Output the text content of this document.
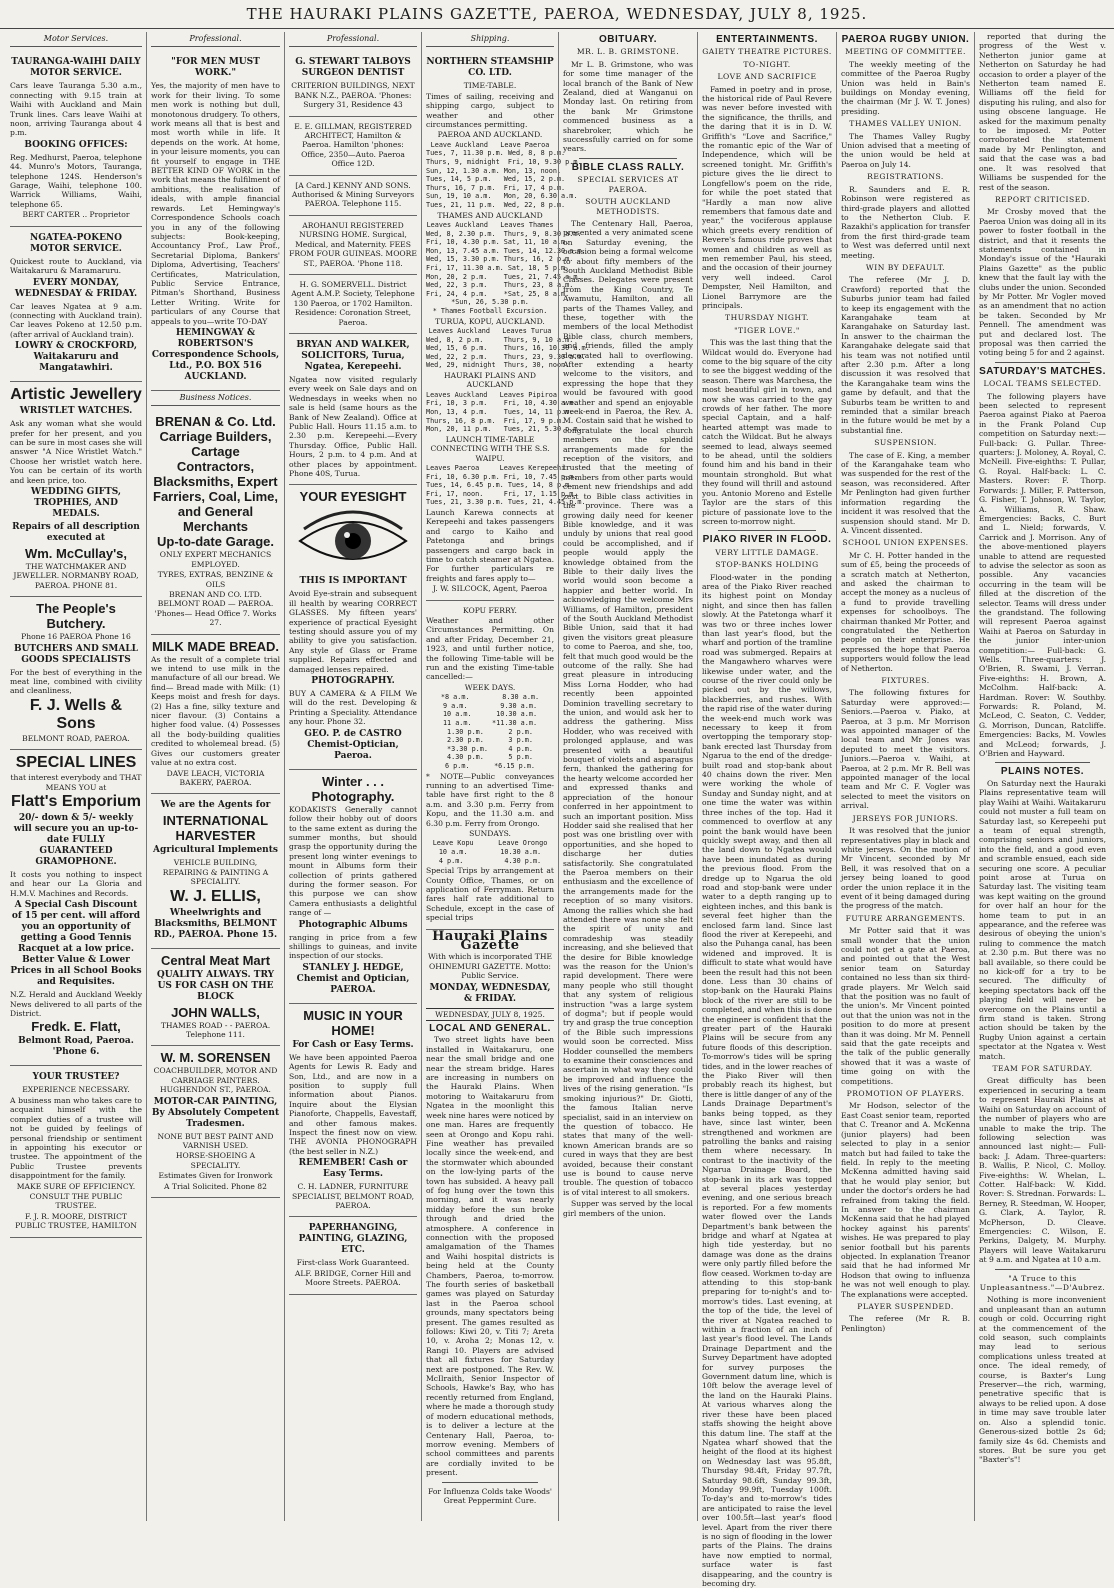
THE HAURAKI PLAINS GAZETTE, PAEROA, WEDNESDAY, JULY 8, 1925.
Motor Services.
TAURANGA-WAIHI DAILY MOTOR SERVICE.

Cars leave Tauranga 5.30 a.m., connecting with 9.15 train at Waihi with Auckland and Main Trunk lines. Cars leave Waihi at noon, arriving Tauranga about 4 p.m.

BOOKING OFFICES:

Reg. Medhurst, Paeroa, telephone 44. Munro's Motors, Tauranga, telephone 124S. Henderson's Garage, Waihi, telephone 100. Warrick Williams, Waihi, telephone 65.

BERT CARTER .. Proprietor
NGATEA-POKENO MOTOR SERVICE.

Quickest route to Auckland, via Waitakaruru & Maramaruru.

EVERY MONDAY, WEDNESDAY & FRIDAY.

Car leaves Ngatea at 9 a.m. (connecting with Auckland train). Car leaves Pokeno at 12.50 p.m. (after arrival of Auckland train).

LOWRY & CROCKFORD, Waitakaruru and Mangatawhiri.
Artistic Jewellery
WRISTLET WATCHES.

Ask any woman what she would prefer for her present, and you can be sure in most cases she will answer "A Nice Wristlet Watch." Choose her wristlet watch here. You can be certain of its worth and keen price, too.

WEDDING GIFTS, TROPHIES, AND MEDALS.
Repairs of all description executed at
Wm. McCullay's,
THE WATCHMAKER AND JEWELLER. NORMANBY ROAD, PAEROA. PHONE 81.
The People's Butchery.
Phone 16 PAEROA Phone 16
BUTCHERS AND SMALL GOODS SPECIALISTS

For the best of everything in the meat line, combined with civility and cleanliness,

F. J. Wells & Sons
BELMONT ROAD, PAEROA.
SPECIAL LINES
that interest everybody and THAT MEANS YOU at
Flatt's Emporium
20/- down & 5/- weekly will secure you an up-to-date FULLY GUARANTEED GRAMOPHONE.

It costs you nothing to inspect and hear our La Gloria and H.M.V. Machines and Records.

A Special Cash Discount of 15 per cent. will afford you an opportunity of getting a Good Tennis Racquet at a low price. Better Value & Lower Prices in all School Books and Requisites.

N.Z. Herald and Auckland Weekly News delivered to all parts of the District.

Fredk. E. Flatt,
Belmont Road, Paeroa. 'Phone 6.
YOUR TRUSTEE?
EXPERIENCE NECESSARY.

A business man who takes care to acquaint himself with the complex duties of a trustee will not be guided by feelings of personal friendship or sentiment in appointing his executor or trustee. The appointment of the Public Trustee prevents disappointment for the family.

MAKE SURE OF EFFICIENCY.
CONSULT THE PUBLIC TRUSTEE.
F. J. R. MOORE, DISTRICT PUBLIC TRUSTEE, HAMILTON
Professional.
"FOR MEN MUST WORK."

Yes, the majority of men have to work for their living. To some men work is nothing but dull, monotonous drudgery. To others, work means all that is best and most worth while in life. It depends on the work. At home, in your leisure moments, you can fit yourself to engage in THE BETTER KIND OF WORK in the work that means the fulfilment of ambitions, the realisation of ideals, with ample financial rewards. Let Hemingway's Correspondence Schools coach you in any of the following subjects: Book-keeping, Accountancy Prof., Law Prof., Secretarial Diploma, Bankers' Diploma, Advertising, Teachers' Certificates, Matriculation, Public Service Entrance, Pitman's Shorthand, Business Letter Writing. Write for particulars of any Course that appeals to you—write TO-DAY

HEMINGWAY & ROBERTSON'S Correspondence Schools, Ltd., P.O. BOX 516 AUCKLAND.
Business Notices.
BRENAN & Co. Ltd.
Carriage Builders, Cartage Contractors, Blacksmiths, Expert Farriers, Coal, Lime, and General Merchants
Up-to-date Garage.
ONLY EXPERT MECHANICS EMPLOYED.
TYRES, EXTRAS, BENZINE & OILS
BRENAN AND CO. LTD. BELMONT ROAD — PAEROA. 'Phones— Head Office 7. Works 27.
MILK MADE BREAD.

As the result of a complete trial we intend to use milk in the manufacture of all our bread. We find— Bread made with Milk: (1) Keeps moist and fresh for days. (2) Has a fine, silky texture and nicer flavour. (3) Contains a higher food value. (4) Possesses all the body-building qualities credited to wholemeal bread. (5) Gives our customers greater value at no extra cost.

DAVE LEACH, VICTORIA BAKERY, PAEROA.
We are the Agents for
INTERNATIONAL HARVESTER
Agricultural Implements
VEHICLE BUILDING, REPAIRING & PAINTING A SPECIALITY.
W. J. ELLIS,
Wheelwrights and Blacksmiths, BELMONT RD., PAEROA. Phone 15.
Central Meat Mart
QUALITY ALWAYS. TRY US FOR CASH ON THE BLOCK
JOHN WALLS,
THAMES ROAD - - PAEROA. Telephone 111.
W. M. SORENSEN
COACHBUILDER, MOTOR AND CARRIAGE PAINTERS. HUGHENDON ST., PAEROA.
MOTOR-CAR PAINTING, By Absolutely Competent Tradesmen.
NONE BUT BEST PAINT AND VARNISH USED.
HORSE-SHOEING A SPECIALITY.
Estimates Given for Ironwork
A Trial Solicited. Phone 82
Professional.
G. STEWART TALBOYS SURGEON DENTIST
CRITERION BUILDINGS, NEXT BANK N.Z., PAEROA. 'Phones: Surgery 31, Residence 43
E. E. GILLMAN, REGISTERED ARCHITECT, Hamilton & Paeroa. Hamilton 'phones: Office, 2350—Auto. Paeroa Office 12D.
[A Card.] KENNY AND SONS. Authorised & Mining Surveyors PAEROA. Telephone 115.
AROHANUI REGISTERED NURSING HOME. Surgical, Medical, and Maternity. FEES FROM FOUR GUINEAS. MOORE ST., PAEROA. 'Phone 118.
H. G. SOMERVELL. District Agent A.M.P. Society, Telephone 130 Paeroa, or 1702 Hamilton. Residence: Coronation Street, Paeroa.
BRYAN AND WALKER, SOLICITORS, Turua, Ngatea, Kerepeehi.

Ngatea now visited regularly every week on Sale days and on Wednesdays in weeks when no sale is held (same hours as the Bank of New Zealand). Office at Public Hall. Hours 11.15 a.m. to 2.30 p.m. Kerepeehi.—Every Thursday. Office, Public Hall. Hours, 2 p.m. to 4 p.m. And at other places by appointment. Phone 40S, Turua.

YOUR EYESIGHT
THIS IS IMPORTANT

Avoid Eye-strain and subsequent ill health by wearing CORRECT GLASSES. My fifteen years' experience of practical Eyesight testing should assure you of my ability to give you satisfaction. Any style of Glass or Frame supplied. Repairs effected and damaged lenses repaired.

PHOTOGRAPHY.

BUY A CAMERA & A FILM We will do the rest. Developing & Printing a Speciality. Attendance any hour. Phone 32.

GEO. P. de CASTRO Chemist-Optician, Paeroa.
Winter . . . Photography.

KODAKISTS Generally cannot follow their hobby out of doors to the same extent as during the summer months, but should grasp the opportunity during the present long winter evenings to mount in Albums form their collection of prints gathered during the former season. For this purpose we can show Camera enthusiasts a delightful range of —

Photographic Albums

ranging in price from a few shillings to guineas, and invite inspection of our stocks.

STANLEY J. HEDGE, Chemist and Optician, PAEROA.
MUSIC IN YOUR HOME!
For Cash or Easy Terms.

We have been appointed Paeroa Agents for Lewis R. Eady and Son, Ltd., and are now in a position to supply full information about Pianos. Inquire about the Elysian Pianoforte, Chappells, Eavestaff, and other famous makes. Inspect the finest now on view. THE AVONIA PHONOGRAPH (the best seller in N.Z.)

REMEMBER! Cash or Easy Terms.
C. H. LADNER, FURNITURE SPECIALIST, BELMONT ROAD, PAEROA.
PAPERHANGING, PAINTING, GLAZING, ETC.
First-class Work Guaranteed.
ALF. BRIDGE, Corner Hill and Moore Streets. PAEROA.
Shipping.
NORTHERN STEAMSHIP CO. LTD.
TIME-TABLE.

Times of sailing, receiving and shipping cargo, subject to weather and other circumstances permitting.

PAEROA AND AUCKLAND.
Leave Auckland   Leave Paeroa
Tues, 7, 11.30 p.m. Wed, 8, 8 p.m.
Thurs, 9, midnight  Fri, 10, 9.30 p.m.
Sun, 12, 1.30 a.m. Mon, 13, noon.
Tues, 14, 5 p.m.   Wed, 15, 2 p.m.
Thurs, 16, 7 p.m.  Fri, 17, 4 p.m.
Sun, 19, 10 a.m.   Mon, 20, 6.30 a.m.
Tues, 21, 11 p.m.  Wed, 22, 8 p.m.
THAMES AND AUCKLAND
Leaves Auckland   Leaves Thames
Wed, 8, 2.30 p.m.  Thurs, 9, 8.30 a.m.
Fri, 10, 4.30 p.m. Sat, 11, 10 a.m.
Mon, 13, 7.45 a.m. Tues, 14, 12.30 a.m.
Wed, 15, 3.30 p.m. Thurs, 16, 2 p.m.
Fri, 17, 11.30 a.m. Sat, 18, 5 p.m.
Mon, 20, 2 p.m.    Tues, 21, 7.45 a.m.
Wed, 22, 3 p.m.    Thurs, 23, 8 a.m.
Fri, 24, 4 p.m.    *Sat, 25, 8 a.m.
*Sun, 26, 5.30 p.m.
* Thames Football Excursion.
TURUA, KOPU, AUCKLAND.
Leaves Auckland   Leaves Turua
Wed, 8, 2 p.m.     Thurs, 9, 10 a.m.
Wed, 15, 6 p.m.    Thurs, 16, 10.30 a.m.
Wed, 22, 2 p.m.    Thurs, 23, 9.30 a.m.
Wed, 29, midnight  Thurs, 30, noon.
HAURAKI PLAINS AND AUCKLAND
Leaves Auckland   Leaves Pipiroa
Fri, 10, 3 p.m.    Fri, 10, 4.30 a.m.
Mon, 13, 4 p.m.    Tues, 14, 11 p.m.
Thurs, 16, 8 p.m.  Fri, 17, 9 p.m.
Mon, 20, 11 p.m.   Tues, 21, 5.30 p.m.
LAUNCH TIME-TABLE CONNECTING WITH THE S.S. WAIPU.
Leaves Paeroa     Leaves Kerepeehi
Fri, 10, 6.30 p.m. Fri, 10, 7.45 p.m.
Tues, 14, 6.45 p.m. Tues, 14, 8 p.m.
Fri, 17, noon.     Fri, 17, 1.15 p.m.
Tues, 21, 3.30 p.m. Tues, 21, 4.45 p.m.

Launch Karewa connects at Kerepeehi and takes passengers and cargo to Kaiho and Patetonga and brings passengers and cargo back in time to catch steamer at Ngatea. For further particulars re freights and fares apply to—

J. W. SILCOCK, Agent, Paeroa
KOPU FERRY.

Weather and other Circumstances Permitting. On and after Friday, December 21, 1923, and until further notice, the following Time-table will be run and the existing Time-table cancelled:—

WEEK DAYS.
*8 a.m.        8.30 a.m.
9 a.m.        9.30 a.m.
10 a.m.      10.30 a.m.
11 a.m.     *11.30 a.m.
1.30 p.m.      2 p.m.
2.30 p.m.      3 p.m.
*3.30 p.m.     4 p.m.
4.30 p.m.      5 p.m.
6 p.m.      *6.15 p.m.

* NOTE—Public conveyances running to an advertised Time-table have first right to the 8 a.m. and 3.30 p.m. Ferry from Kopu, and the 11.30 a.m. and 6.30 p.m. Ferry from Orongo.

SUNDAYS.
Leave Kopu      Leave Orongo
10 a.m.        10.30 a.m.
4 p.m.          4.30 p.m.

Special Trips by arrangement at County Office, Thames, or on application of Ferryman. Return fares half rate additional to Schedule, except in the case of special trips

Hauraki Plains Gazette
With which is incorporated THE OHINEMURI GAZETTE. Motto: Public Service.
MONDAY, WEDNESDAY, & FRIDAY.
WEDNESDAY, JULY 8, 1925.
LOCAL AND GENERAL.

Two street lights have been installed in Waitakaruru, one near the small bridge and one near the stream bridge. Hares are increasing in numbers on the Hauraki Plains. When motoring to Waitakaruru from Ngatea in the moonlight this week nine hares were noticed by one man. Hares are frequently seen at Orongo and Kopu rahi. Fine weather has prevailed locally since the week-end, and the stormwater which abounded on the low-lying parts of the town has subsided. A heavy pall of fog hung over the town this morning, and it was nearly midday before the sun broke through and dried the atmosphere. A conference in connection with the proposed amalgamation of the Thames and Waihi hospital districts is being held at the County Chambers, Paeroa, to-morrow. The fourth series of basketball games was played on Saturday last in the Paeroa school grounds, many spectators being present. The games resulted as follows: Kiwi 20, v. Titi 7; Areta 10, v. Aroha 2; Monas 12, v. Rangi 10. Players are advised that all fixtures for Saturday next are postponed. The Rev. W. McIlraith, Senior Inspector of Schools, Hawke's Bay, who has recently returned from England, where he made a thorough study of modern educational methods, is to deliver a lecture at the Centenary Hall, Paeroa, to-morrow evening. Members of school committees and parents are cordially invited to be present.

For Influenza Colds take Woods' Great Peppermint Cure.
OBITUARY.
MR. L. B. GRIMSTONE.

Mr L. B. Grimstone, who was for some time manager of the local branch of the Bank of New Zealand, died at Wanganui on Monday last. On retiring from the bank Mr Grimstone commenced business as a sharebroker, which he successfully carried on for some years.

BIBLE CLASS RALLY.
SPECIAL SERVICES AT PAEROA.
SOUTH AUCKLAND METHODISTS.

The Centenary Hall, Paeroa, presented a very animated scene on Saturday evening, the occasion being a formal welcome to about fifty members of the South Auckland Methodist Bible Classes. Delegates were present from the King Country, Te Awamutu, Hamilton, and all parts of the Thames Valley, and these, together with the members of the local Methodist Bible class, church members, and friends, filled the amply decorated hall to overflowing. After extending a hearty welcome to the visitors, and expressing the hope that they would be favoured with good weather and spend an enjoyable week-end in Paeroa, the Rev. A. M. Costain said that he wished to congratulate the local church members on the splendid arrangements made for the reception of the visitors, and trusted that the meeting of members from other parts would cement new friendships and add zest to Bible class activities in the province. There was a growing daily need for keener Bible knowledge, and it was unduly by unions that real good could be accomplished, and if people would apply the knowledge obtained from the Bible to their daily lives the world would soon become a happier and better world. In acknowledging the welcome Mrs Williams, of Hamilton, president of the South Auckland Methodist Bible Union, said that it had given the visitors great pleasure to come to Paeroa, and she, too, felt that much good would be the outcome of the rally. She had great pleasure in introducing Miss Lorna Hodder, who had recently been appointed Dominion travelling secretary to the union, and would ask her to address the gathering. Miss Hodder, who was received with prolonged applause, and was presented with a beautiful bouquet of violets and asparagus fern, thanked the gathering for the hearty welcome accorded her and expressed thanks and appreciation of the honour conferred in her appointment to such an important position. Miss Hodder said she realised that her post was one bristling over with opportunities, and she hoped to discharge her duties satisfactorily. She congratulated the Paeroa members on their enthusiasm and the excellence of the arrangements made for the reception of so many visitors. Among the rallies which she had attended there was none she felt the spirit of unity and comradeship was steadily increasing, and she believed that the desire for Bible knowledge was the reason for the Union's rapid development. There were many people who still thought that any system of religious instruction "was a large system of dogma"; but if people would try and grasp the true conception of the Bible such impressions would soon be corrected. Miss Hodder counselled the members to examine their consciences and ascertain in what way they could be improved and influence the lives of the rising generation. "Is smoking injurious?" Dr. Giotti, the famous Italian nerve specialist, said in an interview on the question of tobacco. He states that many of the well-known American brands are so cured in ways that they are best avoided, because their constant use is bound to cause nerve trouble. The question of tobacco is of vital interest to all smokers.

Supper was served by the local girl members of the union.

ENTERTAINMENTS.
GAIETY THEATRE PICTURES.
TO-NIGHT.
LOVE AND SACRIFICE

Famed in poetry and in prose, the historical ride of Paul Revere was never before invested with the significance, the thrills, and the daring that it is in D. W. Griffith's "Love and Sacrifice," the romantic epic of the War of Independence, which will be screened tonight. Mr. Griffith's picture gives the lie direct to Longfellow's poem on the ride, for while the poet stated that "Hardly a man now alive remembers that famous date and year," the vociferous applause which greets every rendition of Revere's famous ride proves that women and children as well as men remember Paul, his steed, and the occasion of their journey very well indeed. Carol Dempster, Neil Hamilton, and Lionel Barrymore are the principals.

THURSDAY NIGHT.
"TIGER LOVE."

This was the last thing that the Wildcat would do. Everyone had come to the big square of the city to see the biggest wedding of the season. There was Marchesa, the most beautiful girl in town, and now she was carried to the gay crowds of her father. The more special Captain, and a half-hearted attempt was made to catch the Wildcat. But he always seemed to lead, always seemed to be ahead, until the soldiers found him and his band in their mountain stronghold. But what they found will thrill and astound you. Antonio Moreno and Estelle Taylor are the stars of this picture of passionate love to the screen to-morrow night.

PIAKO RIVER IN FLOOD.
VERY LITTLE DAMAGE.
STOP-BANKS HOLDING

Flood-water in the ponding area of the Piako River reached its highest point on Monday night, and since then has fallen slowly. At the Patetonga wharf it was two or three inches lower than last year's flood, but the wharf and portion of the tramline road was submerged. Repairs at the Mangawhero wharves were likewise under water, and the course of the river could only be picked out by the willows, blackberries, and rushes. With the rapid rise of the water during the week-end much work was necessary to keep it from overtopping the temporary stop-bank erected last Thursday from Ngarua to the end of the dredge-built road and stop-bank about 40 chains down the river. Men were working the whole of Sunday and Sunday night, and at one time the water was within three inches of the top. Had it commenced to overflow at any point the bank would have been quickly swept away, and then all the land down to Ngatea would have been inundated as during the previous flood. From the dredge up to Ngarua the old road and stop-bank were under water to a depth ranging up to eighteen inches, and this bank is several feet higher than the enclosed farm land. Since last flood the river at Kerepeehi, and also the Puhanga canal, has been widened and improved. It is difficult to state what would have been the result had this not been done. Less than 30 chains of stop-bank on the Hauraki Plains block of the river are still to be completed, and when this is done the engineer is confident that the greater part of the Hauraki Plains will be secure from any future floods of this description. To-morrow's tides will be spring tides, and in the lower reaches of the Piako River will then probably reach its highest, but there is little danger of any of the Lands Drainage Department's banks being topped, as they have, since last winter, been strengthened and workmen are patrolling the banks and raising them where necessary. In contrast to the inactivity of the Ngarua Drainage Board, the stop-bank in its ark was topped at several places yesterday evening, and one serious breach is reported. For a few moments water flowed over the Lands Department's bank between the bridge and wharf at Ngatea at high tide yesterday, but no damage was done as the drains were only partly filled before the flow ceased. Workmen to-day are attending to this stop-bank preparing for to-night's and to-morrow's tides. Last evening, at the top of the tide, the level of the river at Ngatea reached to within a fraction of an inch of last year's flood level. The Lands Drainage Department and the Survey Department have adopted for survey purposes the Government datum line, which is 10ft below the average level of the land on the Hauraki Plains. At various wharves along the river these have been placed staffs showing the height above this datum line. The staff at the Ngatea wharf showed that the height of the flood at its highest on Wednesday last was 95.8ft, Thursday 98.4ft, Friday 97.7ft, Saturday 98.6ft, Sunday 99.3ft, Monday 99.9ft, Tuesday 100ft. To-day's and to-morrow's tides are anticipated to raise the level over 100.5ft—last year's flood level. Apart from the river there is no sign of flooding in the lower parts of the Plains. The drains have now emptied to normal, surface water is fast disappearing, and the country is becoming dry.

PAEROA RUGBY UNION.
MEETING OF COMMITTEE.

The weekly meeting of the committee of the Paeroa Rugby Union was held in Bain's buildings on Monday evening, the chairman (Mr J. W. T. Jones) presiding.

THAMES VALLEY UNION.

The Thames Valley Rugby Union advised that a meeting of the union would be held at Paeroa on July 14.

REGISTRATIONS.

R. Saunders and E. R. Robinson were registered as third-grade players and allotted to the Netherton Club. F. Razakhi's application for transfer from the first third-grade team to West was deferred until next meeting.

WIN BY DEFAULT.

The referee (Mr J. D. Crawford) reported that the Suburbs junior team had failed to keep its engagement with the Karangahake team at Karangahake on Saturday last. In answer to the chairman the Karangahake delegate said that his team was not notified until after 2.30 p.m. After a long discussion it was resolved that the Karangahake team wins the game by default, and that the Suburbs team be written to and reminded that a similar breach in the future would be met by a substantial fine.

SUSPENSION.

The case of E. King, a member of the Karangahake team who was suspended for the rest of the season, was reconsidered. After Mr Penlington had given further information regarding the incident it was resolved that the suspension should stand. Mr D. A. Vincent dissented.

SCHOOL UNION EXPENSES.

Mr C. H. Potter handed in the sum of £5, being the proceeds of a scratch match at Netherton, and asked the chairman to accept the money as a nucleus of a fund to provide travelling expenses for schoolboys. The chairman thanked Mr Potter, and congratulated the Netherton people on their enterprise. He expressed the hope that Paeroa supporters would follow the lead of Netherton.

FIXTURES.

The following fixtures for Saturday were approved:— Seniors.—Paeroa v. Piako, at Paeroa, at 3 p.m. Mr Morrison was appointed manager of the local team and Mr Jones was deputed to meet the visitors. Juniors.—Paeroa v. Waihi, at Paeroa, at 2 p.m. Mr R. Bell was appointed manager of the local team and Mr C. F. Vogler was selected to meet the visitors on arrival.

JERSEYS FOR JUNIORS.

It was resolved that the junior representatives play in black and white jerseys. On the motion of Mr Vincent, seconded by Mr Bell, it was resolved that on a jersey being loaned to good order the union replace it in the event of it being damaged during the progress of the match.

FUTURE ARRANGEMENTS.

Mr Potter said that it was small wonder that the union could not get a gate at Paeroa, and pointed out that the West senior team on Saturday contained no less than six third-grade players. Mr Welch said that the position was no fault of the union's. Mr Vincent pointed out that the union was not in the position to do more at present than it was doing. Mr M. Pennell said that the gate receipts and the talk of the public generally showed that it was a waste of time going on with the competitions.

PROMOTION OF PLAYERS.

Mr Hodson, selector of the East Coast senior team, reported that C. Treanor and A. McKenna (junior players) had been selected to play in a senior match but had failed to take the field. In reply to the meeting McKenna admitted having said that he would play senior, but under the doctor's orders he had refrained from taking the field. In answer to the chairman McKenna said that he had played hockey against his parents' wishes. He was prepared to play senior football but his parents objected. In explanation Treanor said that he had informed Mr Hodson that owing to influenza he was not well enough to play. The explanations were accepted.

PLAYER SUSPENDED.

The referee (Mr R. B. Penlington)

reported that during the progress of the West v. Netherton junior game at Netherton on Saturday he had occasion to order a player of the Netherton team named E. Williams off the field for disputing his ruling, and also for using obscene language. He asked for the maximum penalty to be imposed. Mr Potter corroborated the statement made by Mr Penlington, and said that the case was a bad one. It was resolved that Williams be suspended for the rest of the season.

REPORT CRITICISED.

Mr Crosby moved that the Paeroa Union was doing all in its power to foster football in the district, and that it resents the statements contained in Monday's issue of the "Hauraki Plains Gazette" as the public knew that the fault lay with the clubs under the union. Seconded by Mr Potter. Mr Vogler moved as an amendment that no action be taken. Seconded by Mr Pennell. The amendment was put and declared lost. The proposal was then carried the voting being 5 for and 2 against.

SATURDAY'S MATCHES.
LOCAL TEAMS SELECTED.

The following players have been selected to represent Paeroa against Piako at Paeroa in the Frank Poland Cup competition on Saturday next:— Full-back: G. Pullar. Three-quarters: J. Moloney, A. Royal, C. McNeill. Five-eighths: T. Pullar, G. Royal. Half-back: L. C. Masters. Rover: F. Thorp. Forwards: J. Miller, F. Patterson, G. Fisher, T. Johnson, W. Taylor, A. Williams, R. Shaw. Emergencies: Backs, C. Burt and L. Nield; forwards, V. Carrick and J. Morrison. Any of the above-mentioned players unable to attend are requested to advise the selector as soon as possible. Any vacancies occurring in the team will be filled at the discretion of the selector. Teams will dress under the grandstand. The following will represent Paeroa against Waihi at Paeroa on Saturday in the junior inter-union competition:— Full-back: G. Wells. Three-quarters: J. O'Brien, R. Swami, J. Verran. Five-eighths: H. Brown, A. McColhm. Half-back: A. Hardman. Rover: W. Southby. Forwards: R. Poland, M. McLeod, C. Seaton, C. Vedder, G. Morrison, Duncan, Ratcliffe. Emergencies: Backs, M. Vowles and McLeod; forwards, J. O'Brien and Hayward.

PLAINS NOTES.

On Saturday next the Hauraki Plains representative team will play Waihi at Waihi. Waitakaruru could not muster a full team on Saturday last, so Kerepeehi put a team of equal strength, comprising seniors and juniors, into the field, and a good even and scramble ensued, each side securing one score. A peculiar point arose at Turua on Saturday last. The visiting team was kept waiting on the ground for over half an hour for the home team to put in an appearance, and the referee was desirous of obeying the union's ruling to commence the match at 2.30 p.m. But there was no ball available, so there could be no kick-off for a try to be secured. The difficulty of keeping spectators back off the playing field will never be overcome on the Plains until a firm stand is taken. Strong action should be taken by the Rugby Union against a certain spectator at the Ngatea v. West match.

TEAM FOR SATURDAY.

Great difficulty has been experienced in securing a team to represent Hauraki Plains at Waihi on Saturday on account of the number of players who are unable to make the trip. The following selection was announced last night:— Full-back: J. Adam. Three-quarters: B. Wallis, P. Nicol, C. Molloy. Five-eighths: W. Whelan, L. Cotter. Half-back: W. Kidd. Rover: S. Strednan. Forwards: L. Berney, R. Steedman, W. Hooper, G. Clark, A. Taylor, R. McPherson, D. Cleave. Emergencies: C. Wilson, E. Perkins, Dalgety, M. Murphy. Players will leave Waitakaruru at 9 a.m. and Ngatea at 10 a.m.

"A Truce to this Unpleasantness."—D'Aubrez.

Nothing is more inconvenient and unpleasant than an autumn cough or cold. Occurring right at the commencement of the cold season, such complaints may lead to serious complications unless treated at once. The ideal remedy, of course, is Baxter's Lung Preserver—the rich, warming, penetrative specific that is always to be relied upon. A dose in time may save trouble later on. Also a splendid tonic. Generous-sized bottle 2s 6d; family size 4s 6d. Chemists and stores. But be sure you get "Baxter's"!
